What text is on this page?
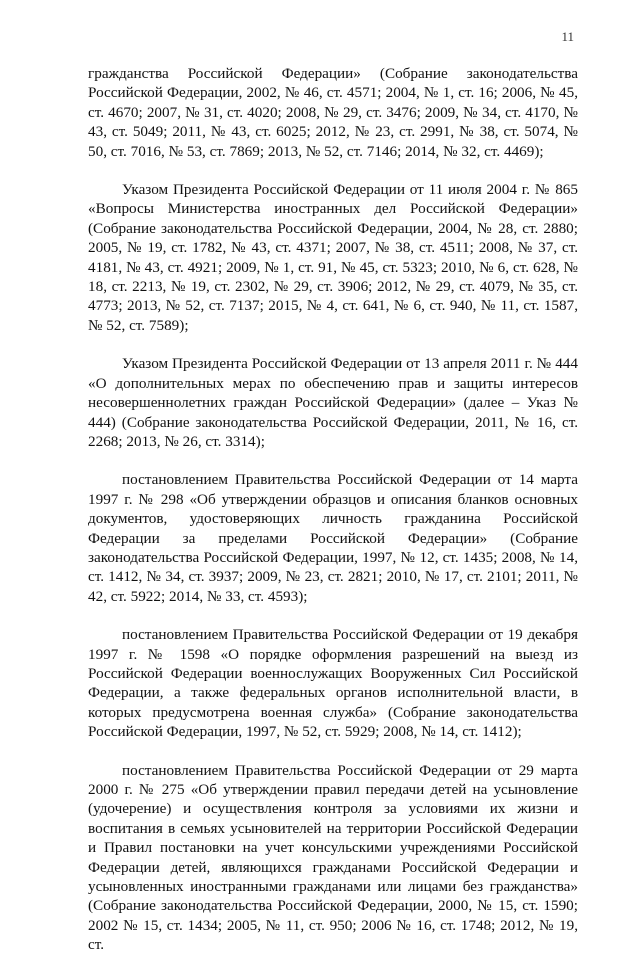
11

гражданства Российской Федерации» (Собрание законодательства Российской Федерации, 2002, № 46, ст. 4571; 2004, № 1, ст. 16; 2006, № 45, ст. 4670; 2007, № 31, ст. 4020; 2008, № 29, ст. 3476; 2009, № 34, ст. 4170, № 43, ст. 5049; 2011, № 43, ст. 6025; 2012, № 23, ст. 2991, № 38, ст. 5074, № 50, ст. 7016, № 53, ст. 7869; 2013, № 52, ст. 7146; 2014, № 32, ст. 4469);

Указом Президента Российской Федерации от 11 июля 2004 г. № 865 «Вопросы Министерства иностранных дел Российской Федерации» (Собрание законодательства Российской Федерации, 2004, № 28, ст. 2880; 2005, № 19, ст. 1782, № 43, ст. 4371; 2007, № 38, ст. 4511; 2008, № 37, ст. 4181, № 43, ст. 4921; 2009, № 1, ст. 91, № 45, ст. 5323; 2010, № 6, ст. 628, № 18, ст. 2213, № 19, ст. 2302, № 29, ст. 3906; 2012, № 29, ст. 4079, № 35, ст. 4773; 2013, № 52, ст. 7137; 2015, № 4, ст. 641, № 6, ст. 940, № 11, ст. 1587, № 52, ст. 7589);

Указом Президента Российской Федерации от 13 апреля 2011 г. № 444 «О дополнительных мерах по обеспечению прав и защиты интересов несовершеннолетних граждан Российской Федерации» (далее – Указ № 444) (Собрание законодательства Российской Федерации, 2011, № 16, ст. 2268; 2013, № 26, ст. 3314);

постановлением Правительства Российской Федерации от 14 марта 1997 г. № 298 «Об утверждении образцов и описания бланков основных документов, удостоверяющих личность гражданина Российской Федерации за пределами Российской Федерации» (Собрание законодательства Российской Федерации, 1997, № 12, ст. 1435; 2008, № 14, ст. 1412, № 34, ст. 3937; 2009, № 23, ст. 2821; 2010, № 17, ст. 2101; 2011, № 42, ст. 5922; 2014, № 33, ст. 4593);

постановлением Правительства Российской Федерации от 19 декабря 1997 г. № 1598 «О порядке оформления разрешений на выезд из Российской Федерации военнослужащих Вооруженных Сил Российской Федерации, а также федеральных органов исполнительной власти, в которых предусмотрена военная служба» (Собрание законодательства Российской Федерации, 1997, № 52, ст. 5929; 2008, № 14, ст. 1412);

постановлением Правительства Российской Федерации от 29 марта 2000 г. № 275 «Об утверждении правил передачи детей на усыновление (удочерение) и осуществления контроля за условиями их жизни и воспитания в семьях усыновителей на территории Российской Федерации и Правил постановки на учет консульскими учреждениями Российской Федерации детей, являющихся гражданами Российской Федерации и усыновленных иностранными гражданами или лицами без гражданства» (Собрание законодательства Российской Федерации, 2000, № 15, ст. 1590; 2002 № 15, ст. 1434; 2005, № 11, ст. 950; 2006 № 16, ст. 1748; 2012, № 19, ст.
